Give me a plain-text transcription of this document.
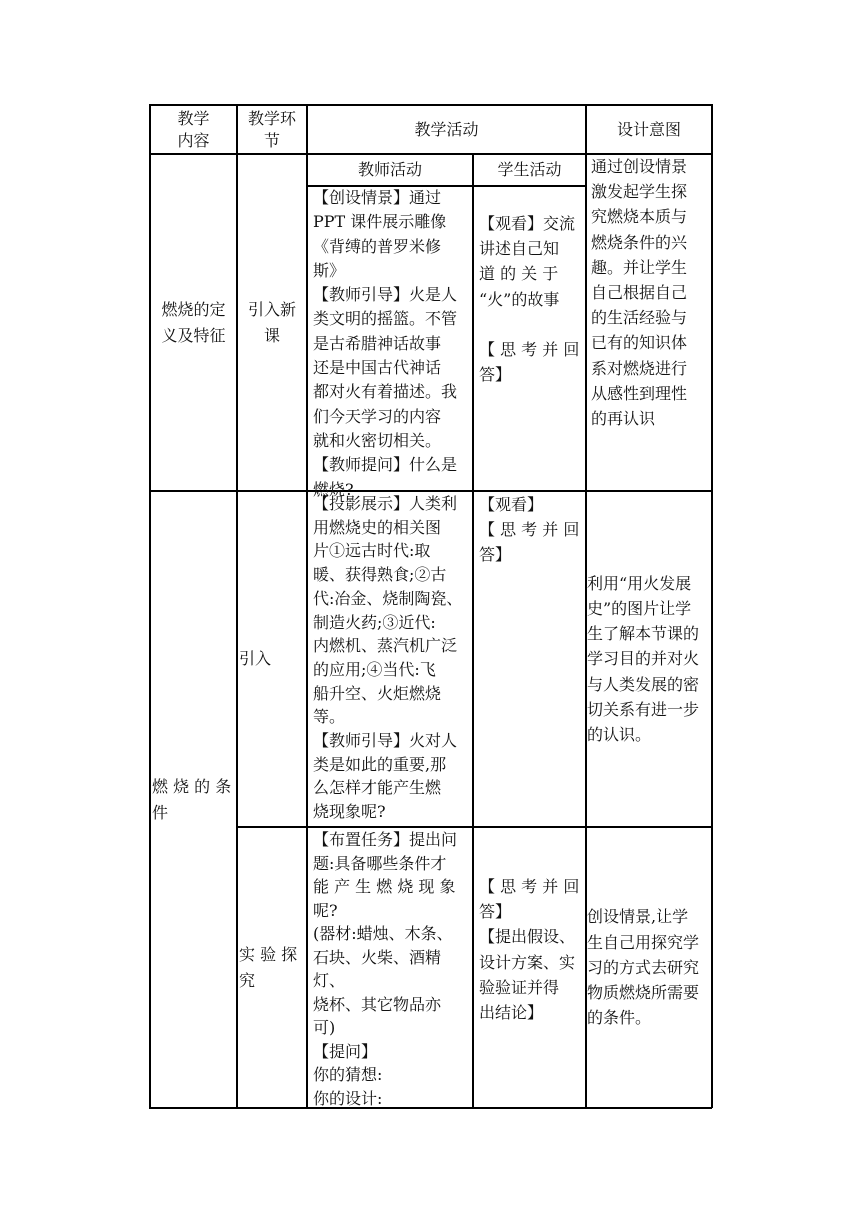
教学
内容
教学环
节
教学活动	设计意图
教师活动	学生活动
燃烧的定
义及特征
引入新
课
【创设情景】通过
PPT 课件展示雕像
《背缚的普罗米修
斯》
【教师引导】火是人
类文明的摇篮。不管
是古希腊神话故事
还是中国古代神话
都对火有着描述。我
们今天学习的内容
就和火密切相关。
【教师提问】什么是
燃烧?
【观看】交流
讲述自己知
道 的 关 于
“火”的故事

【 思 考 并 回
答】
通过创设情景
激发起学生探
究燃烧本质与
燃烧条件的兴
趣。并让学生
自己根据自己
的生活经验与
已有的知识体
系对燃烧进行
从感性到理性
的再认识
燃 烧 的 条
件
引入
【投影展示】人类利
用燃烧史的相关图
片①远古时代:取
暖、获得熟食;②古
代:冶金、烧制陶瓷、
制造火药;③近代:
内燃机、蒸汽机广泛
的应用;④当代:飞
船升空、火炬燃烧
等。
【教师引导】火对人
类是如此的重要,那
么怎样才能产生燃
烧现象呢?
【观看】
【 思 考 并 回
答】
利用“用火发展
史”的图片让学
生了解本节课的
学习目的并对火
与人类发展的密
切关系有进一步
的认识。
实 验 探
究
【布置任务】提出问
题:具备哪些条件才
能 产 生 燃 烧 现 象
呢?
(器材:蜡烛、木条、
石块、火柴、酒精灯、
烧杯、其它物品亦
可)
【提问】
你的猜想:
你的设计:
【 思 考 并 回
答】
【提出假设、
设计方案、实
验验证并得
出结论】
创设情景,让学
生自己用探究学
习的方式去研究
物质燃烧所需要
的条件。
